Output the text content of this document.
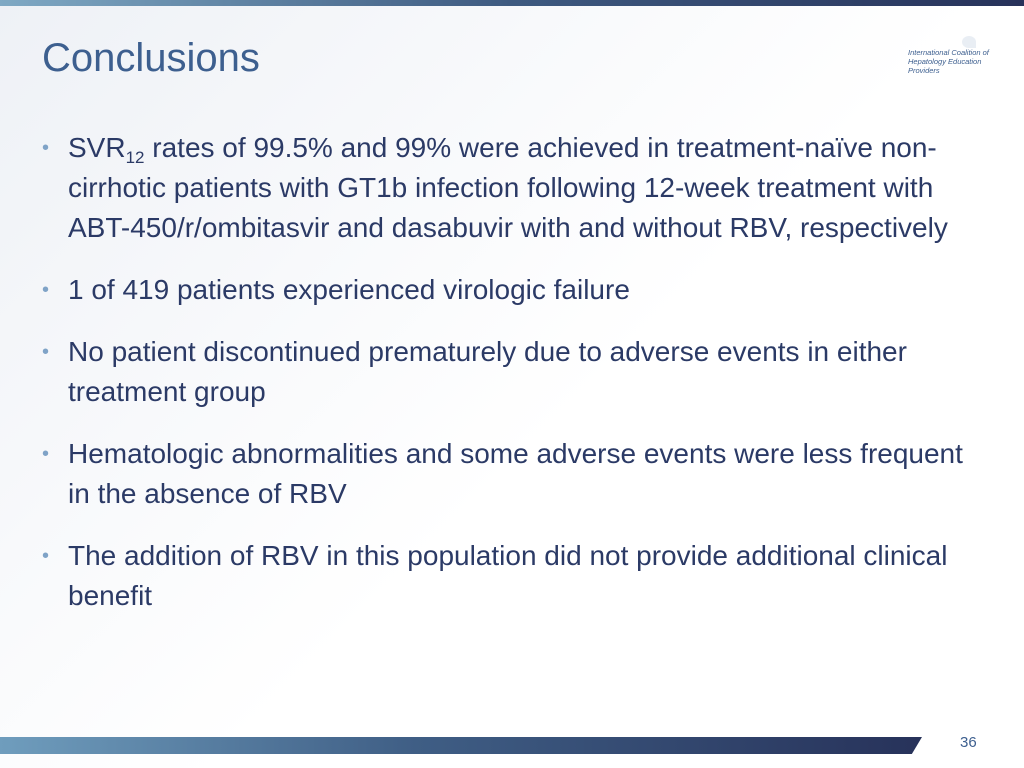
Conclusions	International Coalition of
Hepatology Education Providers
• $SVR_{12}$ rates of 99.5% and 99% were achieved in treatment-naïve non-cirrhotic patients with GT1b infection following 12-week treatment with ABT-450/r/ombitasvir and dasabuvir with and without RBV, respectively
• 1 of 419 patients experienced virologic failure
• No patient discontinued prematurely due to adverse events in either treatment group
• Hematologic abnormalities and some adverse events were less frequent in the absence of RBV
• The addition of RBV in this population did not provide additional clinical benefit
36
